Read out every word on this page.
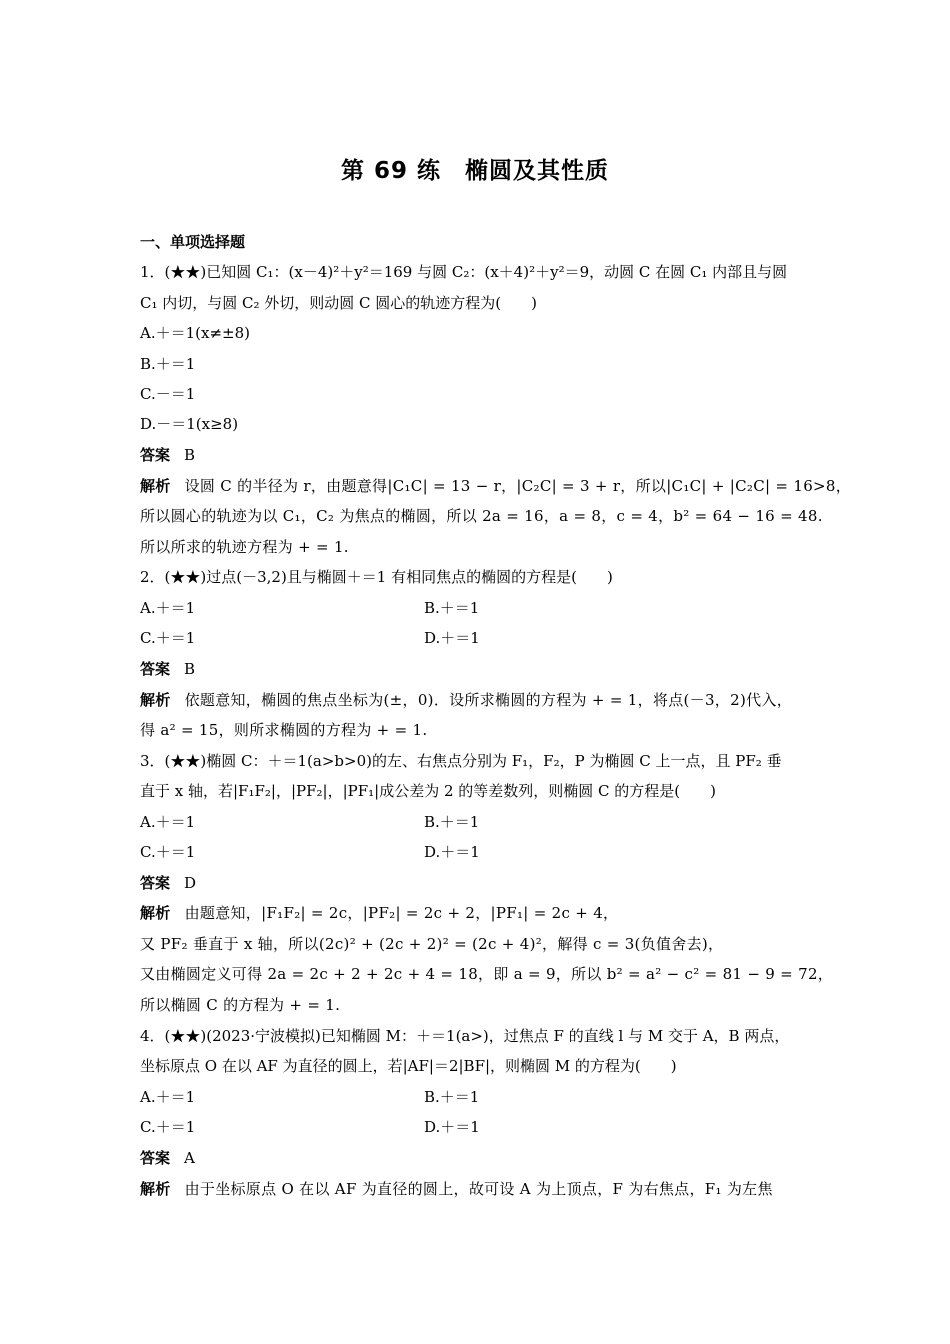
第 69 练 椭圆及其性质
一、单项选择题
1．(★★)已知圆 C₁：(x－4)²＋y²＝169 与圆 C₂：(x＋4)²＋y²＝9，动圆 C 在圆 C₁ 内部且与圆
C₁ 内切，与圆 C₂ 外切，则动圆 C 圆心的轨迹方程为(　　)
A.＋＝1(x≠±8)
B.＋＝1
C.－＝1
D.－＝1(x≥8)
答案 B
解析 设圆 C 的半径为 r，由题意得|C₁C| = 13 − r，|C₂C| = 3 + r，所以|C₁C| + |C₂C| = 16>8，
所以圆心的轨迹为以 C₁，C₂ 为焦点的椭圆，所以 2a = 16，a = 8，c = 4，b² = 64 − 16 = 48.
所以所求的轨迹方程为 + = 1.
2．(★★)过点(－3,2)且与椭圆＋＝1 有相同焦点的椭圆的方程是(　　)
A.＋＝1	B.＋＝1
C.＋＝1	D.＋＝1
答案 B
解析 依题意知，椭圆的焦点坐标为(±，0)．设所求椭圆的方程为 + = 1，将点(－3，2)代入，
得 a² = 15，则所求椭圆的方程为 + = 1.
3．(★★)椭圆 C：＋＝1(a>b>0)的左、右焦点分别为 F₁，F₂，P 为椭圆 C 上一点，且 PF₂ 垂
直于 x 轴，若|F₁F₂|，|PF₂|，|PF₁|成公差为 2 的等差数列，则椭圆 C 的方程是(　　)
A.＋＝1	B.＋＝1
C.＋＝1	D.＋＝1
答案 D
解析 由题意知，|F₁F₂| = 2c，|PF₂| = 2c + 2，|PF₁| = 2c + 4，
又 PF₂ 垂直于 x 轴，所以(2c)² + (2c + 2)² = (2c + 4)²，解得 c = 3(负值舍去)，
又由椭圆定义可得 2a = 2c + 2 + 2c + 4 = 18，即 a = 9，所以 b² = a² − c² = 81 − 9 = 72，
所以椭圆 C 的方程为 + = 1.
4．(★★)(2023·宁波模拟)已知椭圆 M：＋＝1(a>)，过焦点 F 的直线 l 与 M 交于 A，B 两点，
坐标原点 O 在以 AF 为直径的圆上，若|AF|＝2|BF|，则椭圆 M 的方程为(　　)
A.＋＝1	B.＋＝1
C.＋＝1	D.＋＝1
答案 A
解析 由于坐标原点 O 在以 AF 为直径的圆上，故可设 A 为上顶点，F 为右焦点，F₁ 为左焦
